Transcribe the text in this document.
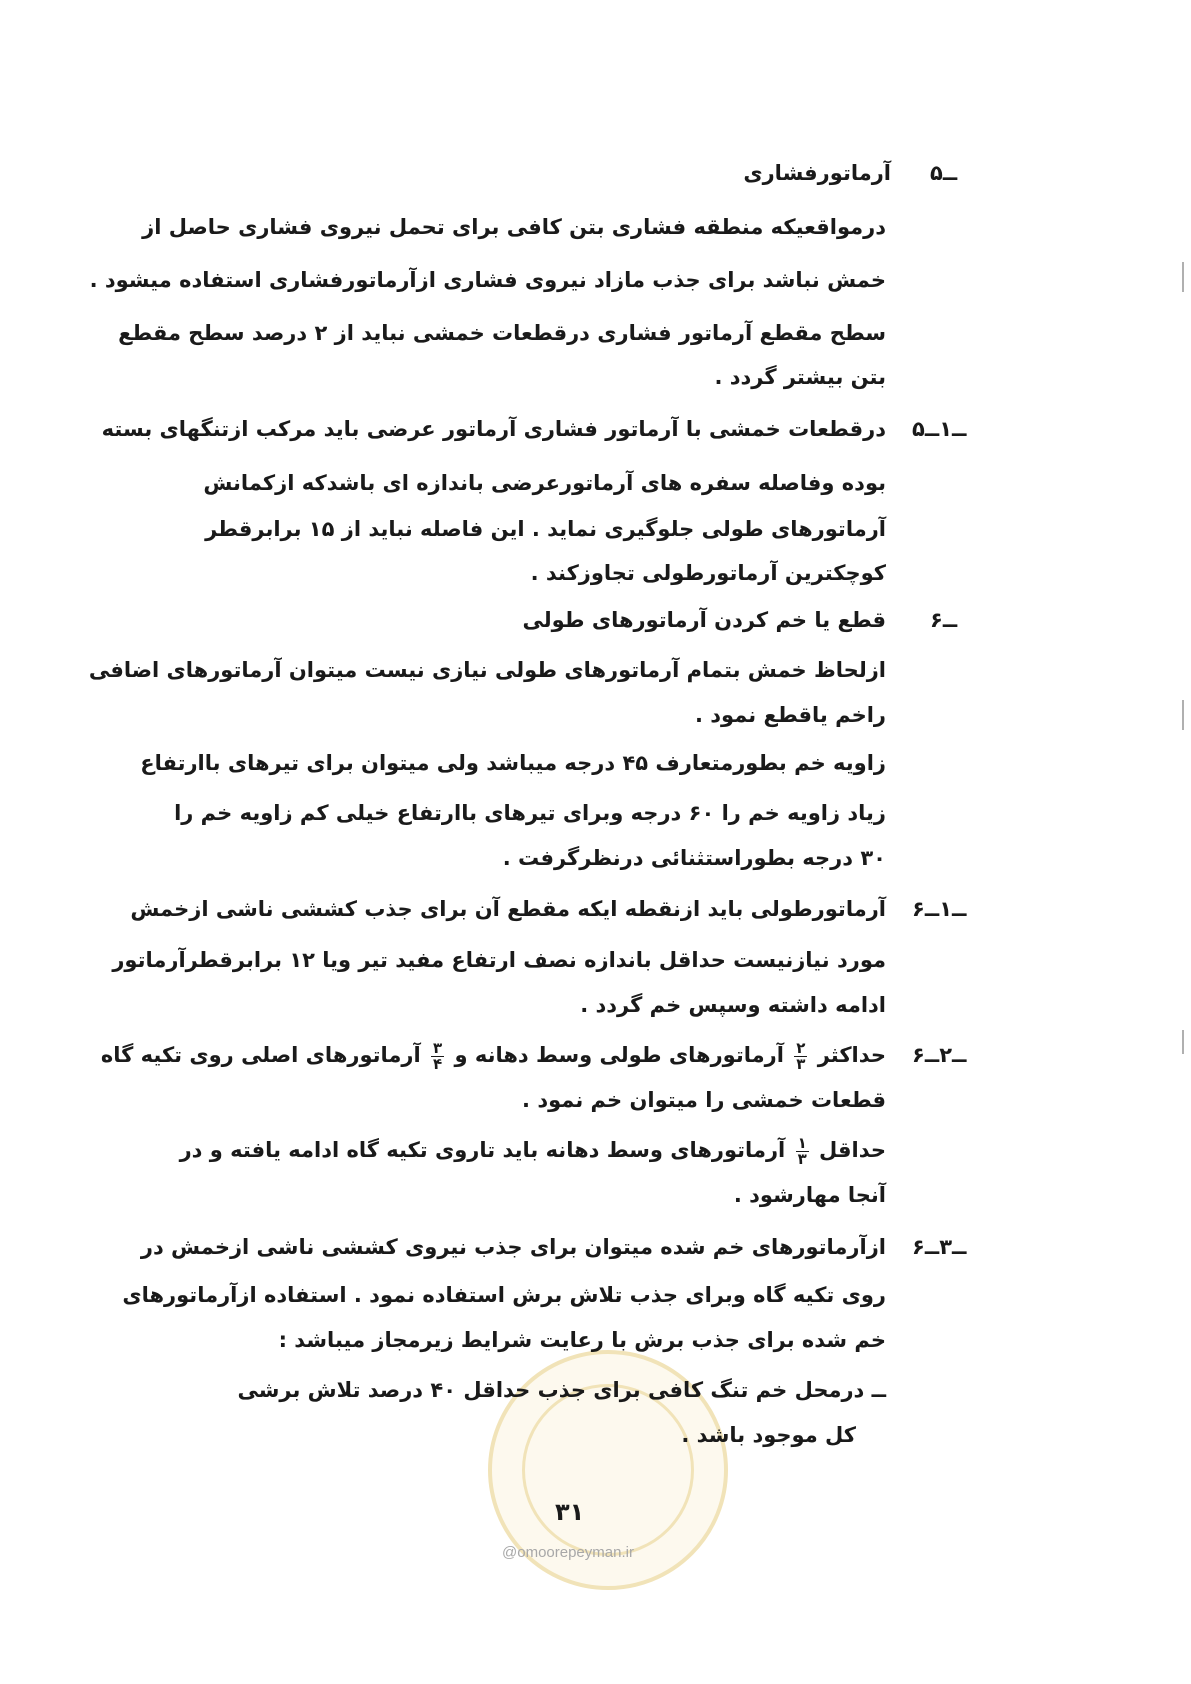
@omoorepeyman.ir
۵ــ
آرماتورفشاری
درمواقعیکه منطقه فشاری بتن کافی برای تحمل نیروی فشاری حاصل از
خمش نباشد برای جذب مازاد نیروی فشاری ازآرماتورفشاری استفاده میشود .
سطح مقطع آرماتور فشاری درقطعات خمشی نباید از ۲ درصد سطح مقطع
بتن بیشتر گردد .
۵ــ۱ــ
درقطعات خمشی با آرماتور فشاری آرماتور عرضی باید مرکب ازتنگهای بسته
بوده وفاصله سفره های آرماتورعرضی باندازه ای باشدکه ازکمانش
آرماتورهای طولی جلوگیری نماید . این فاصله نباید از ۱۵ برابرقطر
کوچکترین آرماتورطولی تجاوزکند .
۶ــ
قطع یا خم کردن آرماتورهای طولی
ازلحاظ خمش بتمام آرماتورهای طولی نیازی نیست میتوان آرماتورهای اضافی
راخم یاقطع نمود .
زاویه خم بطورمتعارف ۴۵ درجه میباشد ولی میتوان برای تیرهای باارتفاع
زیاد زاویه خم را ۶۰ درجه وبرای تیرهای باارتفاع خیلی کم زاویه خم را
۳۰ درجه بطوراستثنائی درنظرگرفت .
۶ــ۱ــ
آرماتورطولی باید ازنقطه ایکه مقطع آن برای جذب کششی ناشی ازخمش
مورد نیازنیست حداقل باندازه نصف ارتفاع مفید تیر ویا ۱۲ برابرقطرآرماتور
ادامه داشته وسپس خم گردد .
۶ــ۲ــ
حداکثر
$\frac{۲}{۳}$
آرماتورهای طولی وسط دهانه و
$\frac{۳}{۴}$
آرماتورهای اصلی روی تکیه گاه
قطعات خمشی را میتوان خم نمود .
حداقل
$\frac{۱}{۳}$
آرماتورهای وسط دهانه باید تاروی تکیه گاه ادامه یافته و در
آنجا مهارشود .
۶ــ۳ــ
ازآرماتورهای خم شده میتوان برای جذب نیروی کششی ناشی ازخمش در
روی تکیه گاه وبرای جذب تلاش برش استفاده نمود . استفاده ازآرماتورهای
خم شده برای جذب برش با رعایت شرایط زیرمجاز میباشد :
ــ درمحل خم تنگ کافی برای جذب حداقل ۴۰ درصد تلاش برشی
کل موجود باشد .
۳۱
